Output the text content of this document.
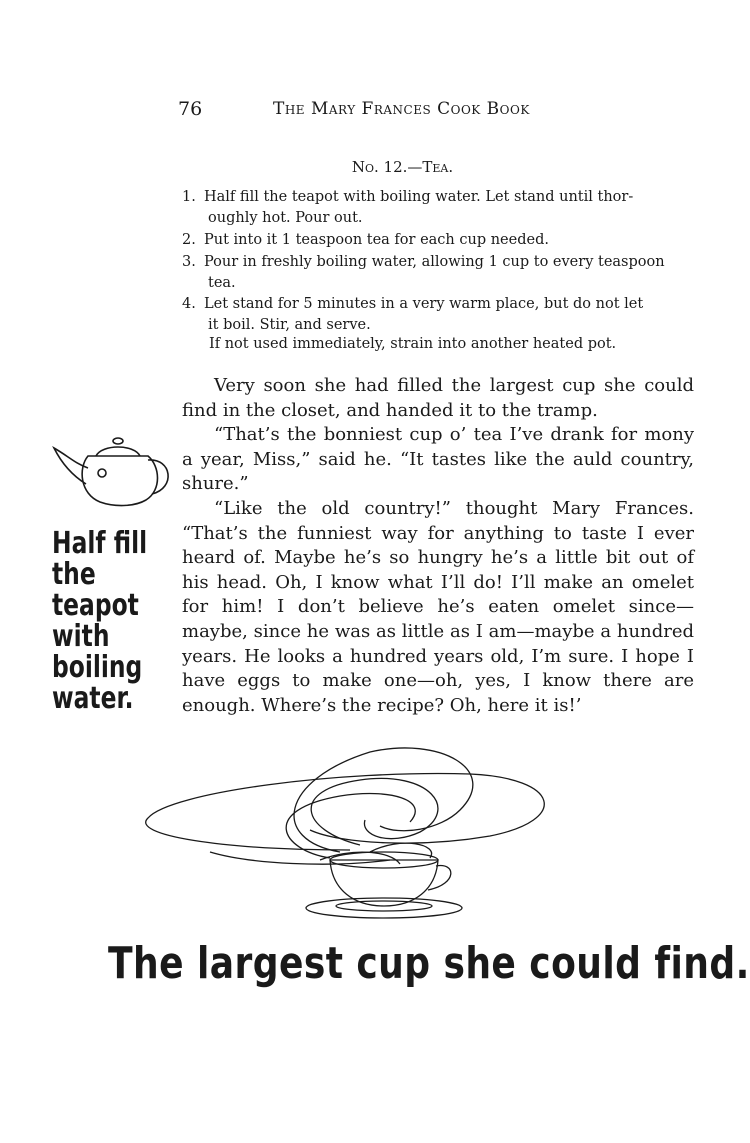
76	The Mary Frances Cook Book
No. 12.—Tea.
1. Half fill the teapot with boiling water. Let stand until thor-
oughly hot. Pour out.
2. Put into it 1 teaspoon tea for each cup needed.
3. Pour in freshly boiling water, allowing 1 cup to every teaspoon
tea.
4. Let stand for 5 minutes in a very warm place, but do not let
it boil. Stir, and serve.
If not used immediately, strain into another heated pot.

Very soon she had filled the largest cup she could find in the closet, and handed it to the tramp.

“That’s the bonniest cup o’ tea I’ve drank for mony a year, Miss,” said he. “It tastes like the auld country, shure.”

“Like the old country!” thought Mary Frances. “That’s the funniest way for anything to taste I ever heard of. Maybe he’s so hungry he’s a little bit out of his head. Oh, I know what I’ll do! I’ll make an omelet for him! I don’t believe he’s eaten omelet since—maybe, since he was as little as I am—maybe a hundred years. He looks a hundred years old, I’m sure. I hope I have eggs to make one—oh, yes, I know there are enough. Where’s the recipe? Oh, here it is!’

Half fill
the
teapot
with
boiling
water.
The largest cup she could find.
